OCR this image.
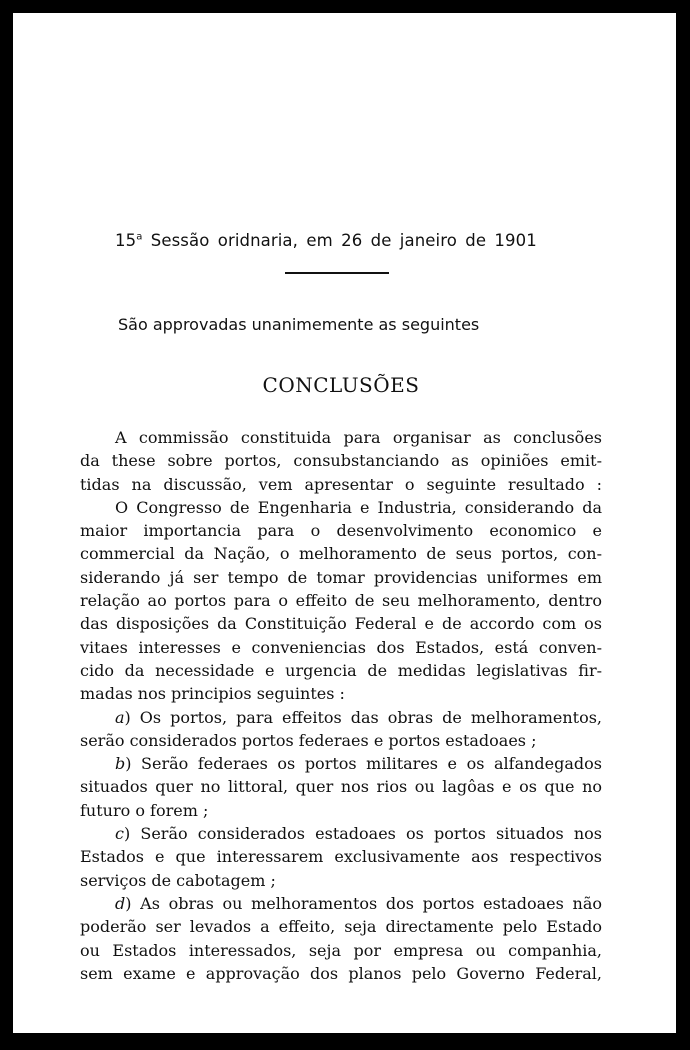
15$^a$ Sessão oridnaria, em 26 de janeiro de 1901
São approvadas unanimemente as seguintes
CONCLUSÕES
A commissão constituida para organisar as conclusões
da these sobre portos, consubstanciando as opiniões emit-
tidas na discussão, vem apresentar o seguinte resultado :
O Congresso de Engenharia e Industria, considerando da
maior importancia para o desenvolvimento economico e
commercial da Nação, o melhoramento de seus portos, con-
siderando já ser tempo de tomar providencias uniformes em
relação ao portos para o effeito de seu melhoramento, dentro
das disposições da Constituição Federal e de accordo com os
vitaes interesses e conveniencias dos Estados, está conven-
cido da necessidade e urgencia de medidas legislativas fir-
madas nos principios seguintes :
a) Os portos, para effeitos das obras de melhoramentos,
serão considerados portos federaes e portos estadoaes ;
b) Serão federaes os portos militares e os alfandegados
situados quer no littoral, quer nos rios ou lagôas e os que no
futuro o forem ;
c) Serão considerados estadoaes os portos situados nos
Estados e que interessarem exclusivamente aos respectivos
serviços de cabotagem ;
d) As obras ou melhoramentos dos portos estadoaes não
poderão ser levados a effeito, seja directamente pelo Estado
ou Estados interessados, seja por empresa ou companhia,
sem exame e approvação dos planos pelo Governo Federal,
